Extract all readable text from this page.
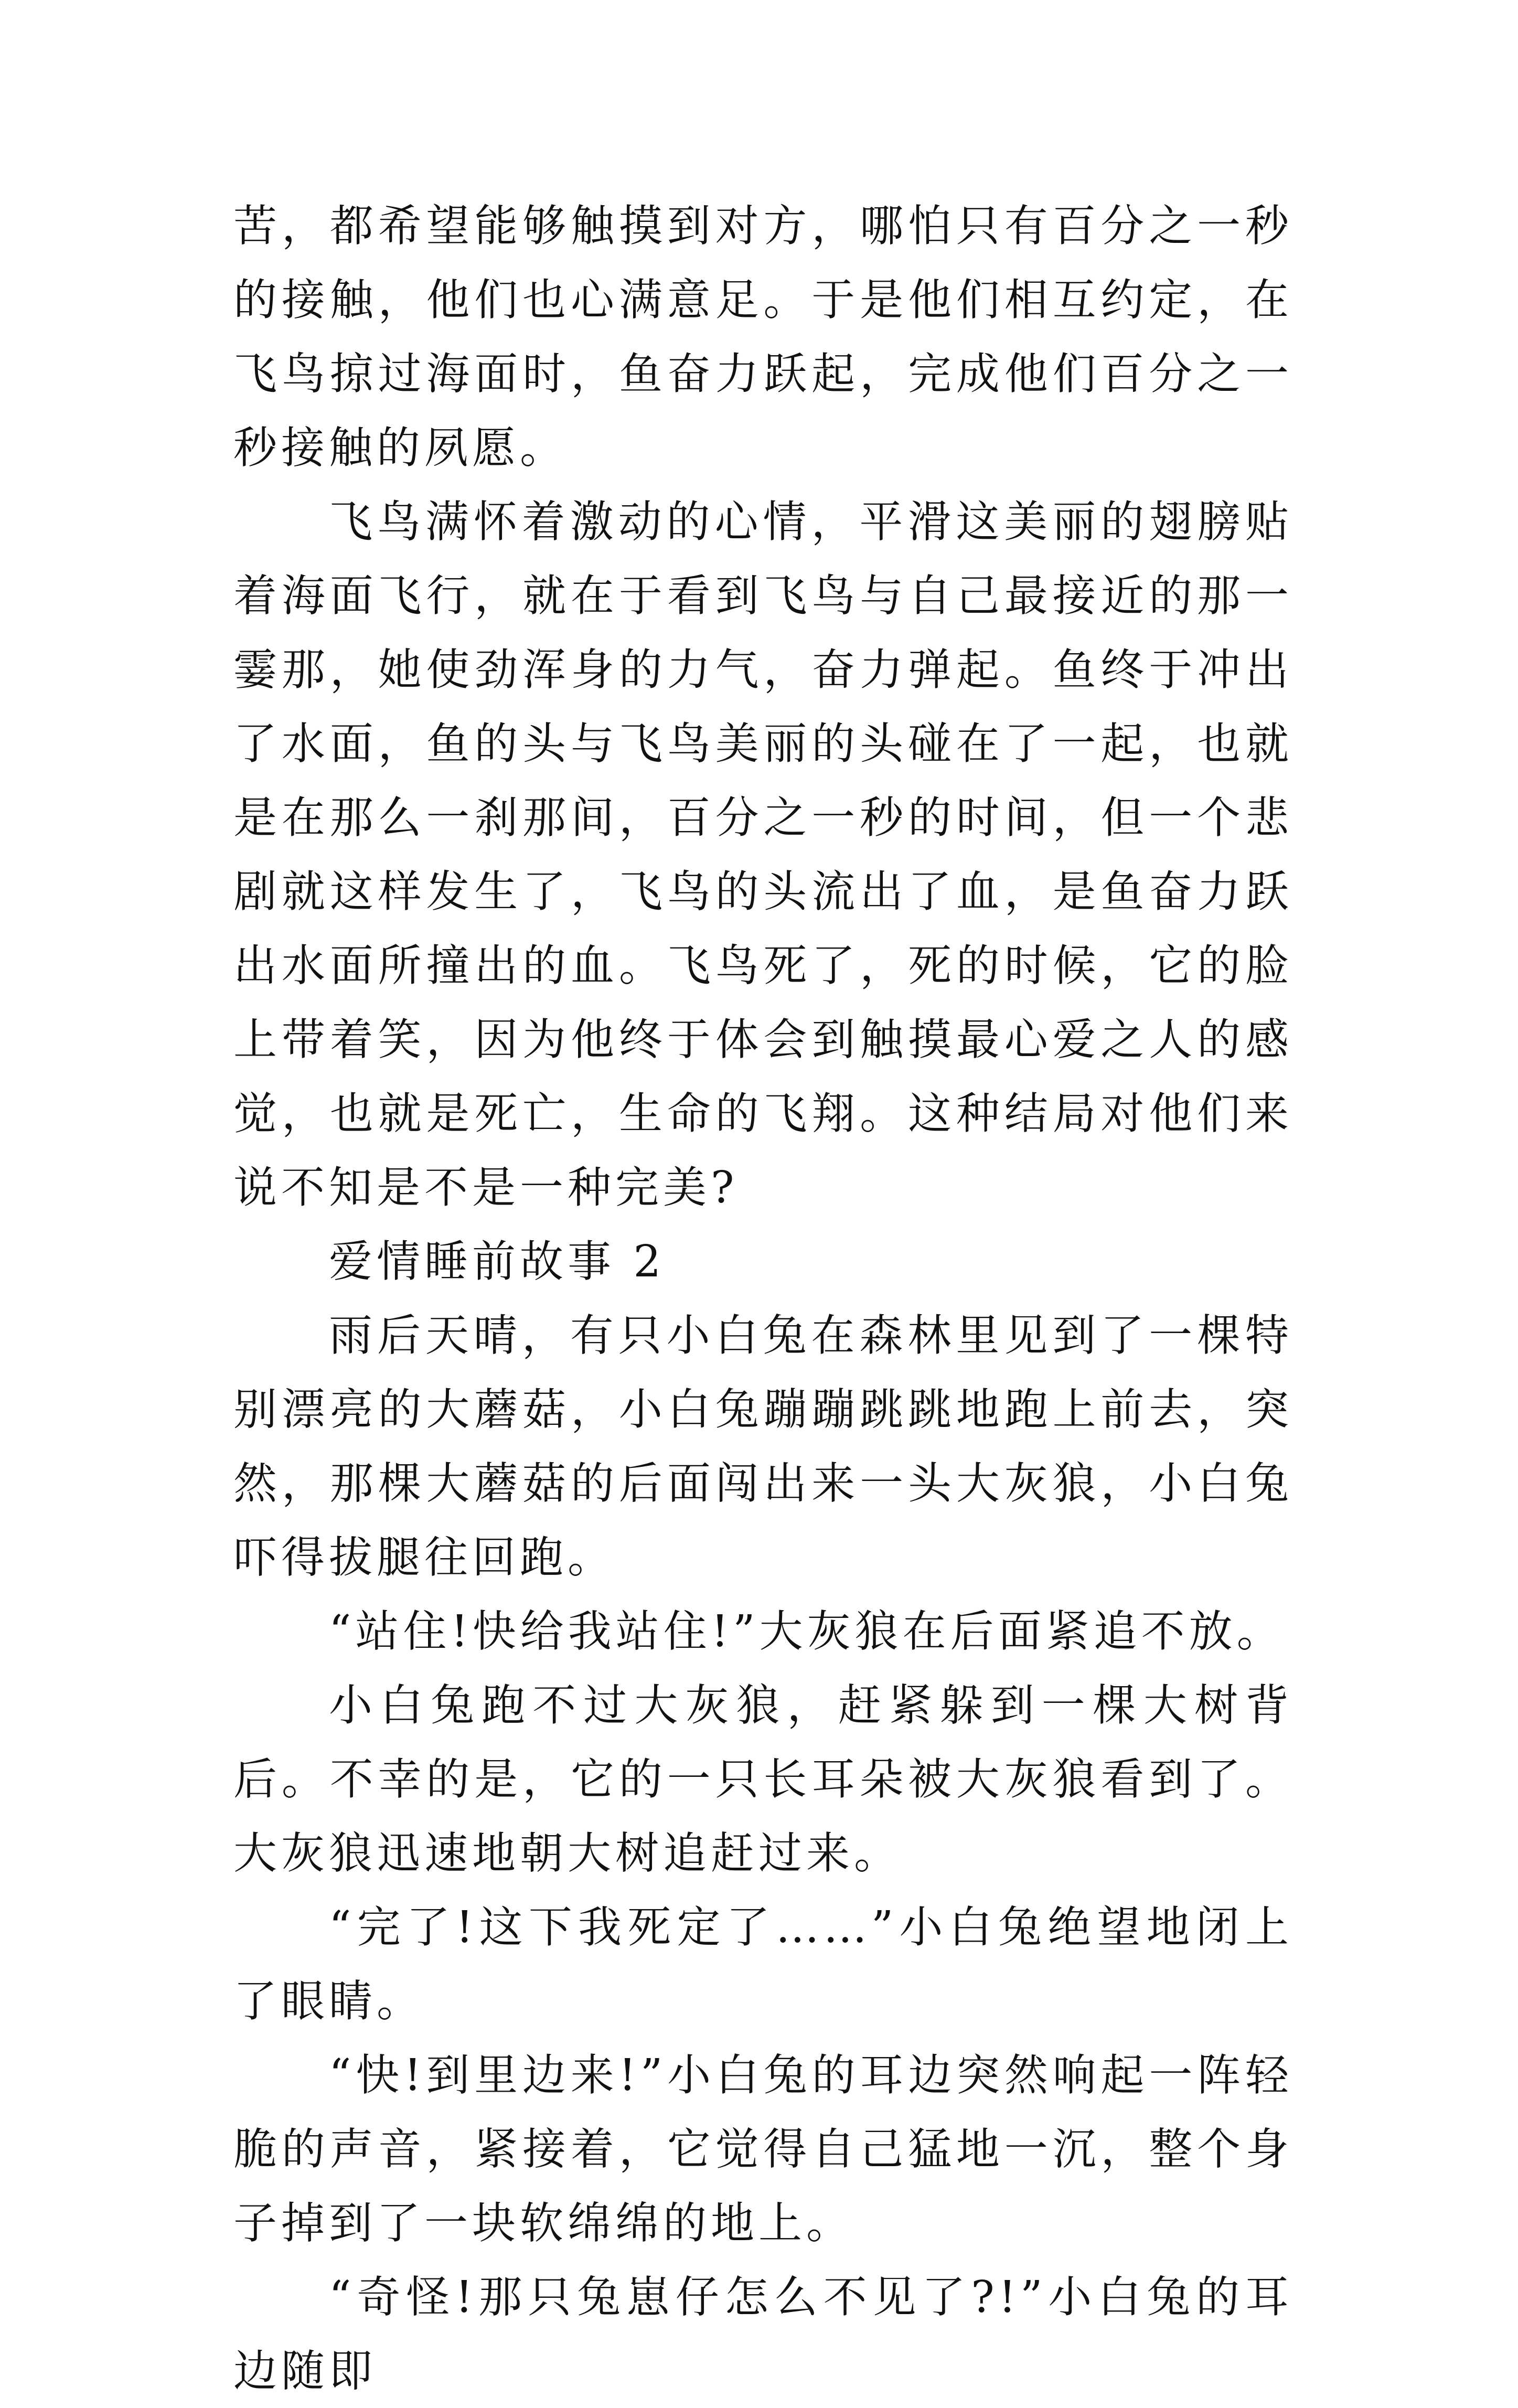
苦，都希望能够触摸到对方，哪怕只有百分之一秒的接触，他们也心满意足。于是他们相互约定，在飞鸟掠过海面时，鱼奋力跃起，完成他们百分之一秒接触的夙愿。

飞鸟满怀着激动的心情，平滑这美丽的翅膀贴着海面飞行，就在于看到飞鸟与自己最接近的那一霎那，她使劲浑身的力气，奋力弹起。鱼终于冲出了水面，鱼的头与飞鸟美丽的头碰在了一起，也就是在那么一刹那间，百分之一秒的时间，但一个悲剧就这样发生了，飞鸟的头流出了血，是鱼奋力跃出水面所撞出的血。飞鸟死了，死的时候，它的脸上带着笑，因为他终于体会到触摸最心爱之人的感觉，也就是死亡，生命的飞翔。这种结局对他们来说不知是不是一种完美?

爱情睡前故事 2

雨后天晴，有只小白兔在森林里见到了一棵特别漂亮的大蘑菇，小白兔蹦蹦跳跳地跑上前去，突然，那棵大蘑菇的后面闯出来一头大灰狼，小白兔吓得拔腿往回跑。

“站住!快给我站住!”大灰狼在后面紧追不放。

小白兔跑不过大灰狼，赶紧躲到一棵大树背后。不幸的是，它的一只长耳朵被大灰狼看到了。大灰狼迅速地朝大树追赶过来。

“完了!这下我死定了……”小白兔绝望地闭上了眼睛。

“快!到里边来!”小白兔的耳边突然响起一阵轻脆的声音，紧接着，它觉得自己猛地一沉，整个身子掉到了一块软绵绵的地上。

“奇怪!那只兔崽仔怎么不见了?!”小白兔的耳边随即
